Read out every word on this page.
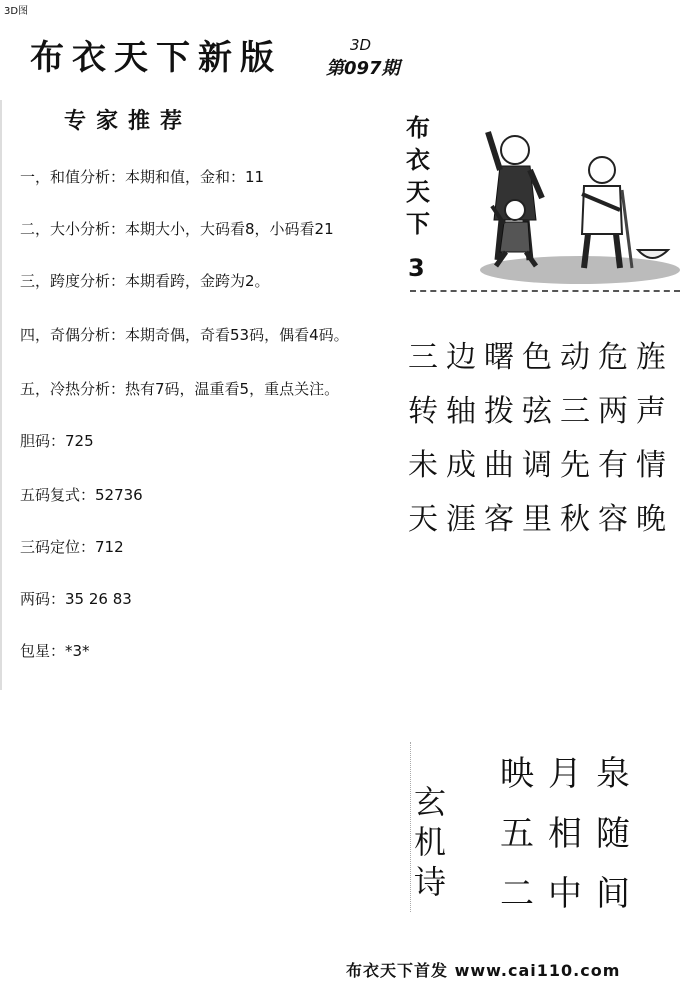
3D图
布衣天下新版	3D
第097期
专家推荐
一，和值分析：本期和值，金和：11
二，大小分析：本期大小，大码看8，小码看21
三，跨度分析：本期看跨，金跨为2。
四，奇偶分析：本期奇偶，奇看53码，偶看4码。
五，冷热分析：热有7码，温重看5，重点关注。
胆码：725
五码复式：52736
三码定位：712
两码：35 26 83
包星：*3*
布衣天下
3
三边曙色动危旌
转轴拨弦三两声
未成曲调先有情
天涯客里秋容晚
玄机诗
映月泉
五相随
二中间
布衣天下首发 www.cai110.com
